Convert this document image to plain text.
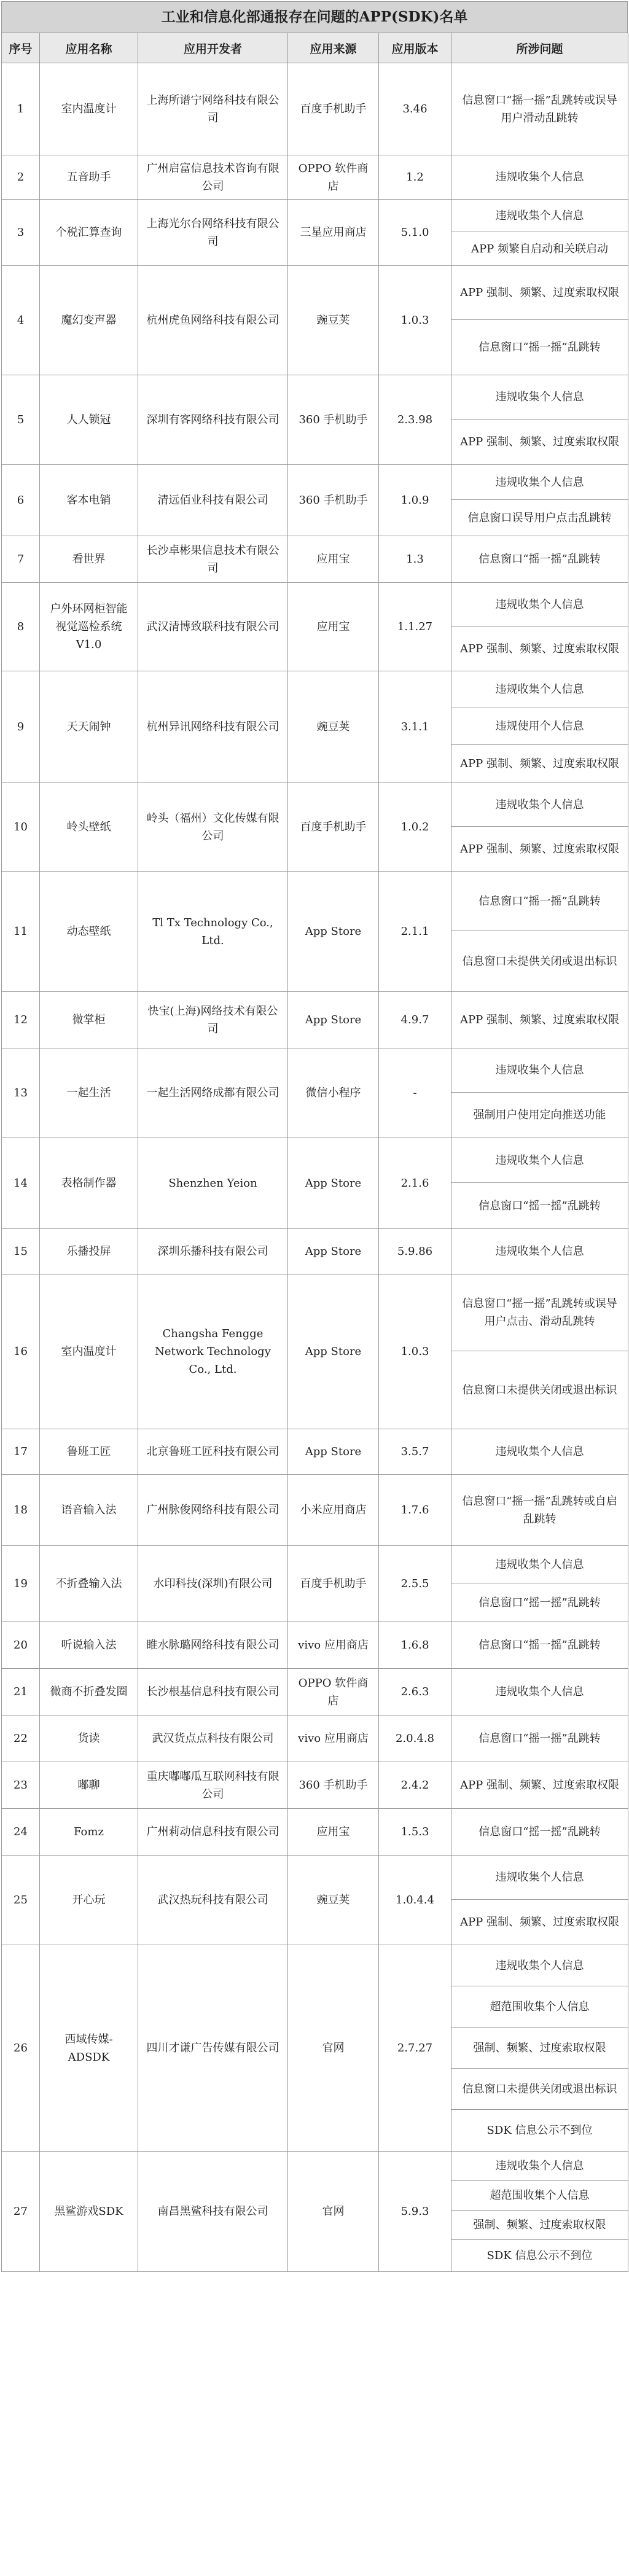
工业和信息化部通报存在问题的APP(SDK)名单
序号	应用名称	应用开发者	应用来源	应用版本	所涉问题
1	室内温度计	上海所谱宁网络科技有限公司	百度手机助手	3.46	信息窗口“摇一摇”乱跳转或误导用户滑动乱跳转

2	五音助手	广州启富信息技术咨询有限公司	OPPO 软件商店	1.2	违规收集个人信息

3	个税汇算查询	上海光尔台网络科技有限公司	三星应用商店	5.1.0	违规收集个人信息
APP 频繁自启动和关联启动

4	魔幻变声器	杭州虎鱼网络科技有限公司	豌豆荚	1.0.3	APP 强制、频繁、过度索取权限
信息窗口“摇一摇”乱跳转

5	人人锁冠	深圳有客网络科技有限公司	360 手机助手	2.3.98	违规收集个人信息
APP 强制、频繁、过度索取权限

6	客本电销	清远佰业科技有限公司	360 手机助手	1.0.9	违规收集个人信息
信息窗口误导用户点击乱跳转

7	看世界	长沙卓彬果信息技术有限公司	应用宝	1.3	信息窗口“摇一摇”乱跳转

8	户外环网柜智能视觉巡检系统 V1.0	武汉清博致联科技有限公司	应用宝	1.1.27	违规收集个人信息
APP 强制、频繁、过度索取权限

9	天天闹钟	杭州异讯网络科技有限公司	豌豆荚	3.1.1	违规收集个人信息
违规使用个人信息
APP 强制、频繁、过度索取权限

10	岭头壁纸	岭头（福州）文化传媒有限公司	百度手机助手	1.0.2	违规收集个人信息
APP 强制、频繁、过度索取权限

11	动态壁纸	Tl Tx Technology Co., Ltd.	App Store	2.1.1	信息窗口“摇一摇”乱跳转
信息窗口未提供关闭或退出标识

12	微掌柜	快宝(上海)网络技术有限公司	App Store	4.9.7	APP 强制、频繁、过度索取权限

13	一起生活	一起生活网络成都有限公司	微信小程序	-	违规收集个人信息
强制用户使用定向推送功能

14	表格制作器	Shenzhen Yeion	App Store	2.1.6	违规收集个人信息
信息窗口“摇一摇”乱跳转

15	乐播投屏	深圳乐播科技有限公司	App Store	5.9.86	违规收集个人信息

16	室内温度计	Changsha Fengge Network Technology Co., Ltd.	App Store	1.0.3	信息窗口“摇一摇”乱跳转或误导用户点击、滑动乱跳转
信息窗口未提供关闭或退出标识

17	鲁班工匠	北京鲁班工匠科技有限公司	App Store	3.5.7	违规收集个人信息

18	语音输入法	广州脉俊网络科技有限公司	小米应用商店	1.7.6	信息窗口“摇一摇”乱跳转或自启乱跳转

19	不折叠输入法	水印科技(深圳)有限公司	百度手机助手	2.5.5	违规收集个人信息
信息窗口“摇一摇”乱跳转

20	听说输入法	睢水脉璐网络科技有限公司	vivo 应用商店	1.6.8	信息窗口“摇一摇”乱跳转

21	微商不折叠发圈	长沙根基信息科技有限公司	OPPO 软件商店	2.6.3	违规收集个人信息

22	货读	武汉货点点科技有限公司	vivo 应用商店	2.0.4.8	信息窗口“摇一摇”乱跳转

23	嘟聊	重庆嘟嘟瓜互联网科技有限公司	360 手机助手	2.4.2	APP 强制、频繁、过度索取权限

24	Fomz	广州莉动信息科技有限公司	应用宝	1.5.3	信息窗口“摇一摇”乱跳转

25	开心玩	武汉热玩科技有限公司	豌豆荚	1.0.4.4	违规收集个人信息
APP 强制、频繁、过度索取权限

26	西域传媒-ADSDK	四川才谦广告传媒有限公司	官网	2.7.27	违规收集个人信息
超范围收集个人信息
强制、频繁、过度索取权限
信息窗口未提供关闭或退出标识
SDK 信息公示不到位

27	黑鲨游戏SDK	南昌黑鲨科技有限公司	官网	5.9.3	违规收集个人信息
超范围收集个人信息
强制、频繁、过度索取权限
SDK 信息公示不到位
